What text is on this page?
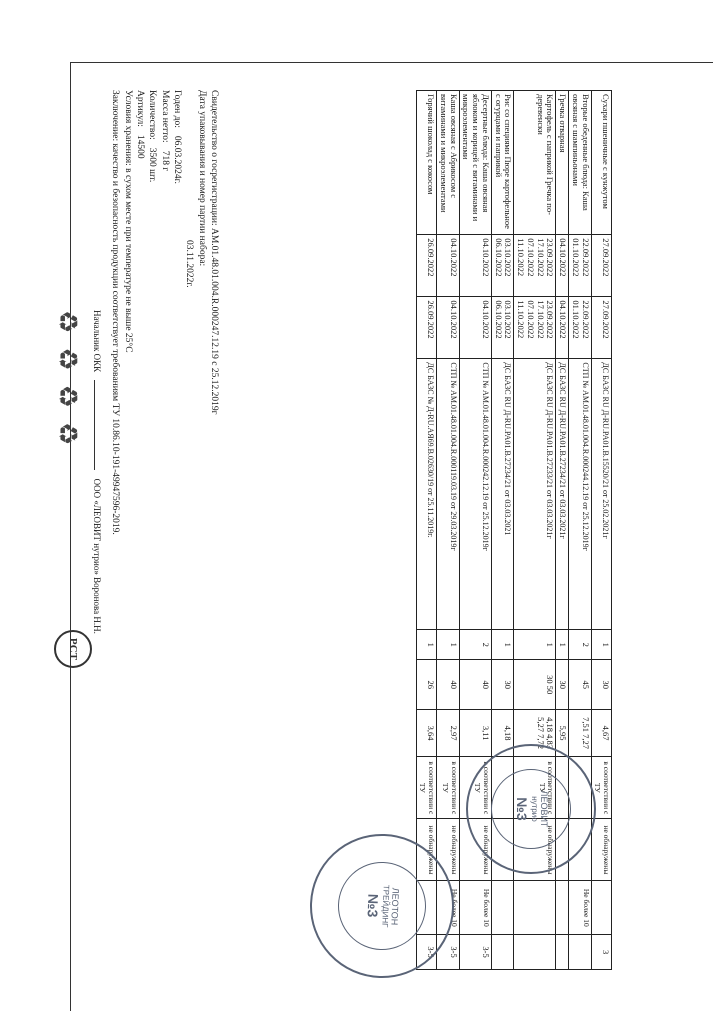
Сухари пшеничные с кунжутом	27.09.2022	27.09.2022	ДС БАЗС RU Д-RU.PA01.В.15520/21 от 25.02.2021г	1	30	4,67	в соответствии с ТУ	не обнаружены		3
Вторые обеденные блюда: Каша овсяная с шампиньонами	22.09.2022 01.10.2022	22.09.2022 01.10.2022	СТП № АМ.01.48.01.004.R.000244.12.19 от 25.12.2019г	2	45	7,51 7,27			Не более 10	
Гречка отварная	04.10.2022	04.10.2022	ДС БАЗС RU Д-RU.PA01.В.27234/21 от 03.03.2021г	1	30	5,95				
Картофель с паприкой Гречка по-деревенски	23.09.2022 17.10.2022 07.10.2022 11.10.2022	23.09.2022 17.10.2022 07.10.2022 11.10.2022	ДС БАЗС RU Д-RU.PA01.В.27233/21 от 03.03.2021г	1	30 50	4,18 4,83 5,27 7,72	в соответствии с ТУ	не обнаружены		
Рис со специями Пюре картофельное с огурцами и паприкой	03.10.2022 06.10.2022	03.10.2022 06.10.2022	ДС БАЗС RU Д-RU.PA01.В.27234/21 от 03.03.2021	1	30	4,18				
Десертные блюда: Каша овсяная яблоком и корицей с витаминами и микроэлементами	04.10.2022	04.10.2022	СТП № АМ.01.48.01.004.R.000242.12.19 от 25.12.2019г	2	40	3,11	в соответствии с ТУ	не обнаружены	Не более 10	3-5
Каша овсяная с Абрикосом с витаминами и микроэлементами	04.10.2022	04.10.2022	СТП № АМ.01.48.01.004.R.000119.03.19 от 29.03.2019г	1	40	2,97	в соответствии с ТУ	не обнаружены	Не более 10	3-5
Горячий шоколад с кокосом	26.09.2022	26.09.2022	ДС БАЗС № Д-RU.АЯ69.В.02630/19 от 25.11.2019г.	1	26	3,64	в соответствии с ТУ	не обнаружены		3-5
Свидетельство о госрегистрации: АМ.01.48.01.004.R.000247.12.19 с 25.12.2019г
Дата упаковывания и номер партии набора:
03.11.2022г.
Годен до:
06.03.2024г.
Масса нетто:
718 г
Количество:
3500 шт.
Артикул:
14500
Условия хранения: в сухом месте при температуре не выше 25°С
Заключение: качество и безопасность продукции соответствует требованиям ТУ 10.86.10-191-49947596-2019.
Начальник ОКК  ООО «ЛЕОВИТ нутрио» Воронова Н.Н.
♻
♻
♻
♻
РСТ
ЛЕОВИТ
нутрио
№3
ЛЕОТОН
ТРЕЙДИНГ
№3
